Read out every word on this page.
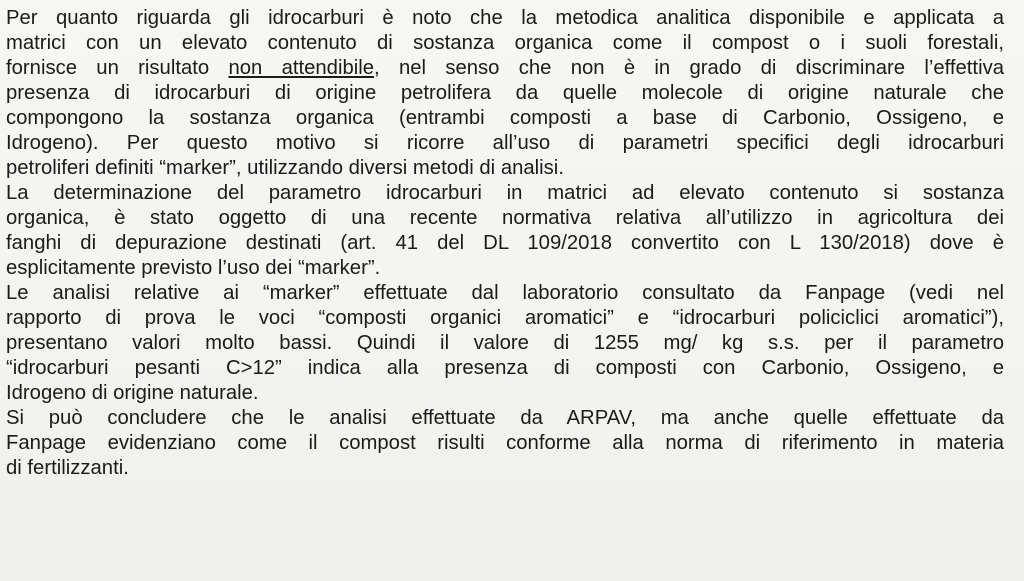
Per quanto riguarda gli idrocarburi è noto che la metodica analitica disponibile e applicata a
matrici con un elevato contenuto di sostanza organica come il compost o i suoli forestali,
fornisce un risultato non attendibile, nel senso che non è in grado di discriminare l’effettiva
presenza di idrocarburi di origine petrolifera da quelle molecole di origine naturale che
compongono la sostanza organica (entrambi composti a base di Carbonio, Ossigeno, e
Idrogeno). Per questo motivo si ricorre all’uso di parametri specifici degli idrocarburi
petroliferi definiti “marker”, utilizzando diversi metodi di analisi.
La determinazione del parametro idrocarburi in matrici ad elevato contenuto si sostanza
organica, è stato oggetto di una recente normativa relativa all’utilizzo in agricoltura dei
fanghi di depurazione destinati (art. 41 del DL 109/2018 convertito con L 130/2018) dove è
esplicitamente previsto l’uso dei “marker”.
Le analisi relative ai “marker” effettuate dal laboratorio consultato da Fanpage (vedi nel
rapporto di prova le voci “composti organici aromatici” e “idrocarburi policiclici aromatici”),
presentano valori molto bassi. Quindi il valore di 1255 mg/ kg s.s. per il parametro
“idrocarburi pesanti C>12” indica alla presenza di composti con Carbonio, Ossigeno, e
Idrogeno di origine naturale.
Si può concludere che le analisi effettuate da ARPAV, ma anche quelle effettuate da
Fanpage evidenziano come il compost risulti conforme alla norma di riferimento in materia
di fertilizzanti.
